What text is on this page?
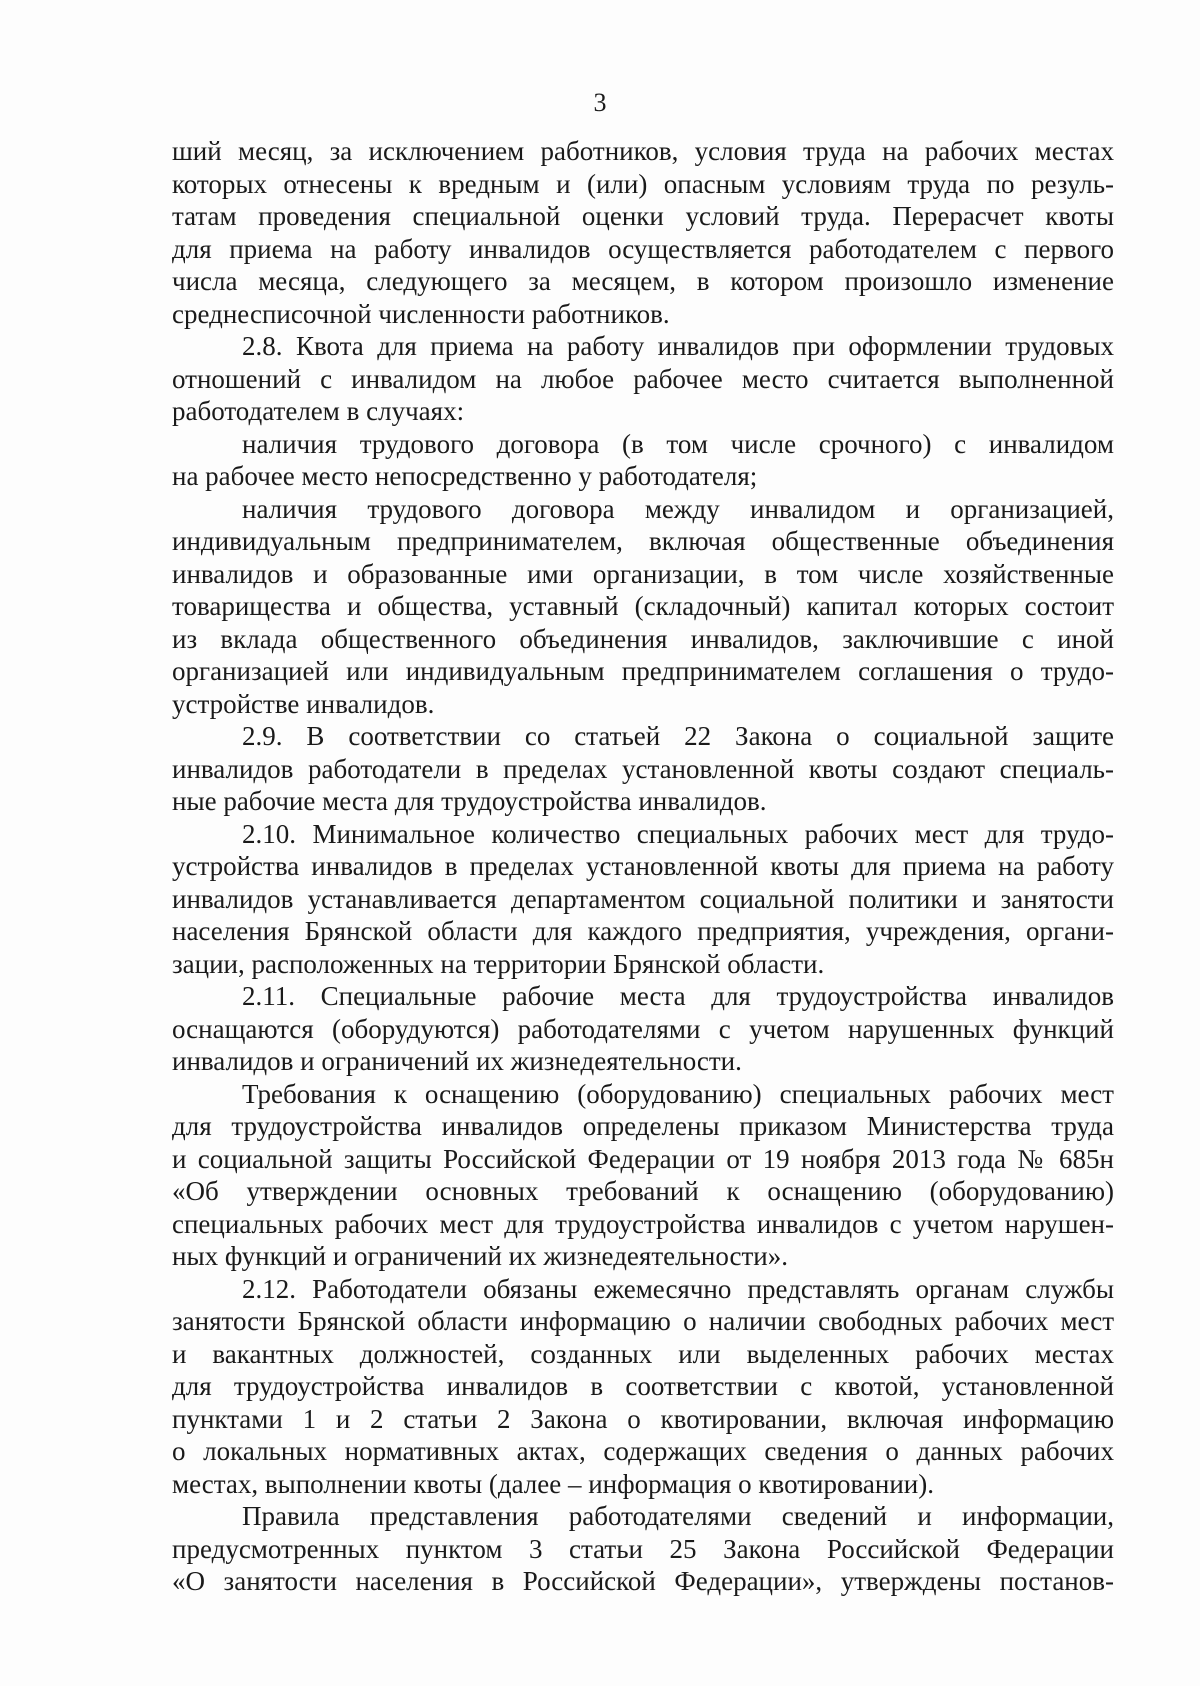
3

ший месяц, за исключением работников, условия труда на рабочих местах

которых отнесены к вредным и (или) опасным условиям труда по резуль-

татам проведения специальной оценки условий труда. Перерасчет квоты

для приема на работу инвалидов осуществляется работодателем с первого

числа месяца, следующего за месяцем, в котором произошло изменение

среднесписочной численности работников.

2.8. Квота для приема на работу инвалидов при оформлении трудовых

отношений с инвалидом на любое рабочее место считается выполненной

работодателем в случаях:

наличия трудового договора (в том числе срочного) с инвалидом

на рабочее место непосредственно у работодателя;

наличия трудового договора между инвалидом и организацией,

индивидуальным предпринимателем, включая общественные объединения

инвалидов и образованные ими организации, в том числе хозяйственные

товарищества и общества, уставный (складочный) капитал которых состоит

из вклада общественного объединения инвалидов, заключившие с иной

организацией или индивидуальным предпринимателем соглашения о трудо-

устройстве инвалидов.

2.9. В соответствии со статьей 22 Закона о социальной защите

инвалидов работодатели в пределах установленной квоты создают специаль-

ные рабочие места для трудоустройства инвалидов.

2.10. Минимальное количество специальных рабочих мест для трудо-

устройства инвалидов в пределах установленной квоты для приема на работу

инвалидов устанавливается департаментом социальной политики и занятости

населения Брянской области для каждого предприятия, учреждения, органи-

зации, расположенных на территории Брянской области.

2.11. Специальные рабочие места для трудоустройства инвалидов

оснащаются (оборудуются) работодателями с учетом нарушенных функций

инвалидов и ограничений их жизнедеятельности.

Требования к оснащению (оборудованию) специальных рабочих мест

для трудоустройства инвалидов определены приказом Министерства труда

и социальной защиты Российской Федерации от 19 ноября 2013 года № 685н

«Об утверждении основных требований к оснащению (оборудованию)

специальных рабочих мест для трудоустройства инвалидов с учетом нарушен-

ных функций и ограничений их жизнедеятельности».

2.12. Работодатели обязаны ежемесячно представлять органам службы

занятости Брянской области информацию о наличии свободных рабочих мест

и вакантных должностей, созданных или выделенных рабочих местах

для трудоустройства инвалидов в соответствии с квотой, установленной

пунктами 1 и 2 статьи 2 Закона о квотировании, включая информацию

о локальных нормативных актах, содержащих сведения о данных рабочих

местах, выполнении квоты (далее – информация о квотировании).

Правила представления работодателями сведений и информации,

предусмотренных пунктом 3 статьи 25 Закона Российской Федерации

«О занятости населения в Российской Федерации», утверждены постанов-
